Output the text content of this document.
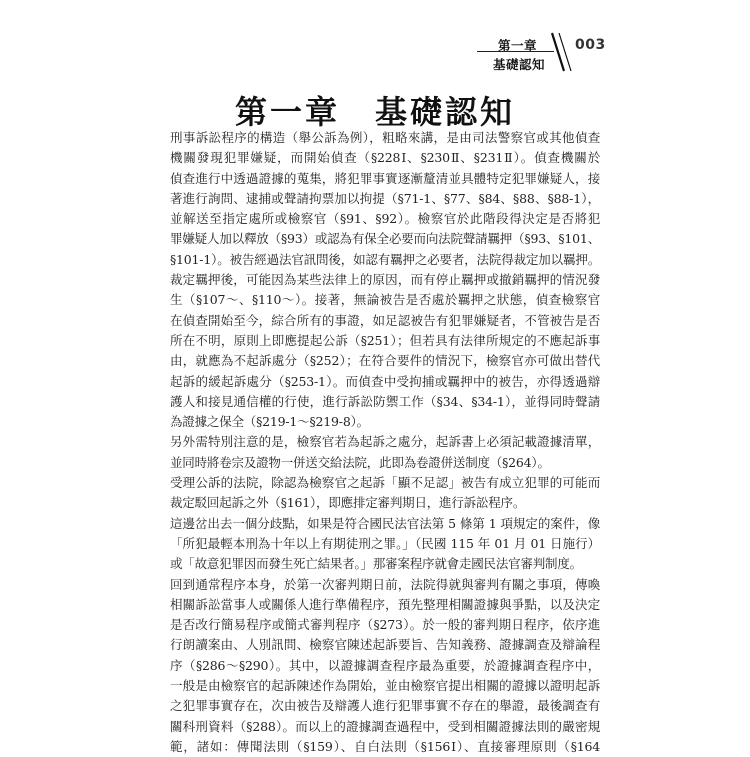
第一章
基礎認知
003
第一章　基礎認知

刑事訴訟程序的構造（舉公訴為例），粗略來講，是由司法警察官或其他偵查

機關發現犯罪嫌疑，而開始偵查（§228Ⅰ、§230Ⅱ、§231Ⅱ）。偵查機關於

偵查進行中透過證據的蒐集，將犯罪事實逐漸釐清並具體特定犯罪嫌疑人，接

著進行詢問、逮捕或聲請拘票加以拘提（§71-1、§77、§84、§88、§88-1），

並解送至指定處所或檢察官（§91、§92）。檢察官於此階段得決定是否將犯

罪嫌疑人加以釋放（§93）或認為有保全必要而向法院聲請羈押（§93、§101、

§101-1）。被告經過法官訊問後，如認有羈押之必要者，法院得裁定加以羈押。

裁定羈押後，可能因為某些法律上的原因，而有停止羈押或撤銷羈押的情況發

生（§107～、§110～）。接著，無論被告是否處於羈押之狀態，偵查檢察官

在偵查開始至今，綜合所有的事證，如足認被告有犯罪嫌疑者，不管被告是否

所在不明，原則上即應提起公訴（§251）；但若具有法律所規定的不應起訴事

由，就應為不起訴處分（§252）；在符合要件的情況下，檢察官亦可做出替代

起訴的緩起訴處分（§253-1）。而偵查中受拘捕或羈押中的被告，亦得透過辯

護人和接見通信權的行使，進行訴訟防禦工作（§34、§34-1），並得同時聲請

為證據之保全（§219-1～§219-8）。

另外需特別注意的是，檢察官若為起訴之處分，起訴書上必須記載證據清單，

並同時將卷宗及證物一併送交給法院，此即為卷證併送制度（§264）。

受理公訴的法院，除認為檢察官之起訴「顯不足認」被告有成立犯罪的可能而

裁定駁回起訴之外（§161），即應排定審判期日，進行訴訟程序。

這邊岔出去一個分歧點，如果是符合國民法官法第 5 條第 1 項規定的案件，像

「所犯最輕本刑為十年以上有期徒刑之罪。」（民國 115 年 01 月 01 日施行）

或「故意犯罪因而發生死亡結果者。」那審案程序就會走國民法官審判制度。

回到通常程序本身，於第一次審判期日前，法院得就與審判有關之事項，傳喚

相關訴訟當事人或關係人進行準備程序，預先整理相關證據與爭點，以及決定

是否改行簡易程序或簡式審判程序（§273）。於一般的審判期日程序，依序進

行朗讀案由、人別訊問、檢察官陳述起訴要旨、告知義務、證據調查及辯論程

序（§286～§290）。其中，以證據調查程序最為重要，於證據調查程序中，

一般是由檢察官的起訴陳述作為開始，並由檢察官提出相關的證據以證明起訴

之犯罪事實存在，次由被告及辯護人進行犯罪事實不存在的舉證，最後調查有

關科刑資料（§288）。而以上的證據調查過程中，受到相關證據法則的嚴密規

範，諸如：傳聞法則（§159）、自白法則（§156Ⅰ）、直接審理原則（§164
